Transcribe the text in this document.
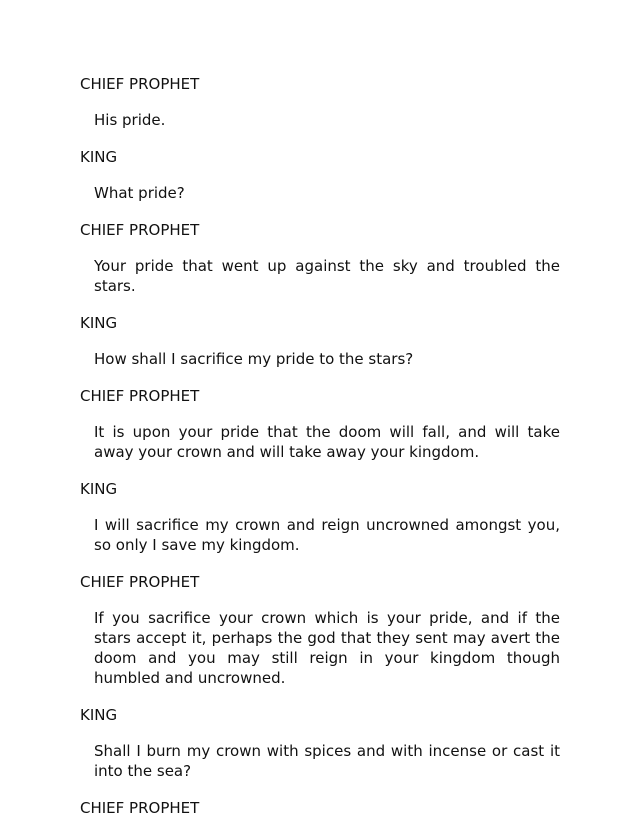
CHIEF PROPHET
His pride.
KING
What pride?
CHIEF PROPHET
Your pride that went up against the sky and troubled the stars.
KING
How shall I sacrifice my pride to the stars?
CHIEF PROPHET
It is upon your pride that the doom will fall, and will take away your crown and will take away your kingdom.
KING
I will sacrifice my crown and reign uncrowned amongst you, so only I save my kingdom.
CHIEF PROPHET
If you sacrifice your crown which is your pride, and if the stars accept it, perhaps the god that they sent may avert the doom and you may still reign in your kingdom though humbled and uncrowned.
KING
Shall I burn my crown with spices and with incense or cast it into the sea?
CHIEF PROPHET
